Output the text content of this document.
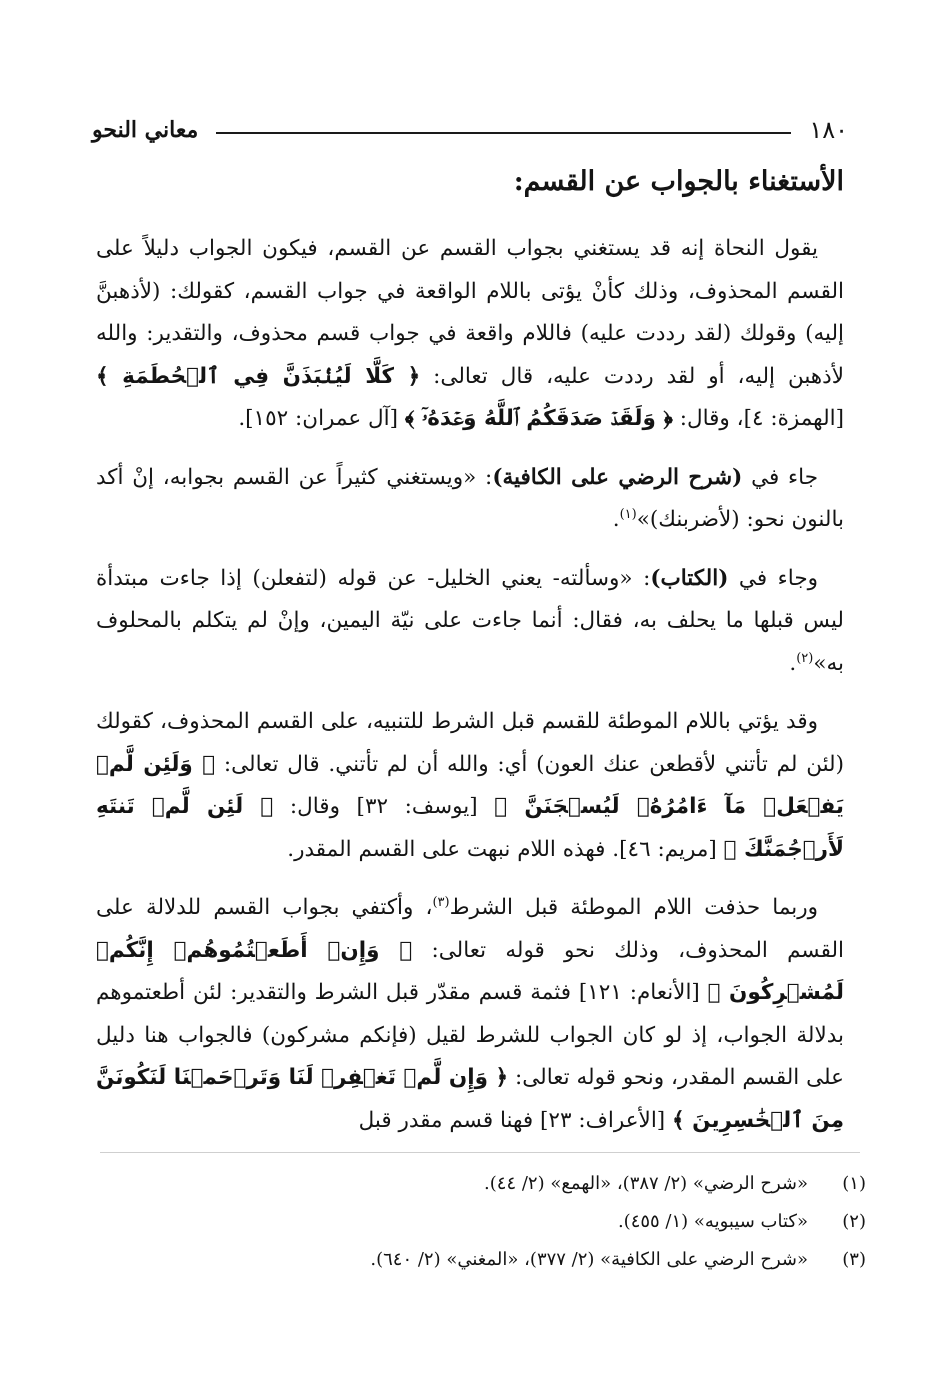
معاني النحو	١٨٠
الأستغناء بالجواب عن القسم:

يقول النحاة إنه قد يستغني بجواب القسم عن القسم، فيكون الجواب دليلاً على القسم المحذوف، وذلك كأنْ يؤتى باللام الواقعة في جواب القسم، كقولك: (لأذهبنَّ إليه) وقولك (لقد رددت عليه) فاللام واقعة في جواب قسم محذوف، والتقدير: والله لأذهبن إليه، أو لقد رددت عليه، قال تعالى: ﴿ كَلَّا لَيُنۢبَذَنَّ فِي ٱلۡحُطَمَةِ ﴾ [الهمزة: ٤]، وقال: ﴿ وَلَقَدۡ صَدَقَكُمُ ٱللَّهُ وَعۡدَهُۥٓ ﴾ [آل عمران: ١٥٢].

جاء في (شرح الرضي على الكافية): «ويستغني كثيراً عن القسم بجوابه، إنْ أكد بالنون نحو: (لأضربنك)»$^{(١)}$.

وجاء في (الكتاب): «وسألته- يعني الخليل- عن قوله (لتفعلن) إذا جاءت مبتدأة ليس قبلها ما يحلف به، فقال: أنما جاءت على نيّة اليمين، وإنْ لم يتكلم بالمحلوف به»$^{(٢)}$.

وقد يؤتي باللام الموطئة للقسم قبل الشرط للتنبيه، على القسم المحذوف، كقولك (لئن لم تأتني لأقطعن عنك العون) أي: والله أن لم تأتني. قال تعالى: ﴿ وَلَئِن لَّمۡ يَفۡعَلۡ مَآ ءَامُرُهُۥ لَيُسۡجَنَنَّ ﴾ [يوسف: ٣٢] وقال: ﴿ لَئِن لَّمۡ تَنتَهِ لَأَرۡجُمَنَّكَ ﴾ [مريم: ٤٦]. فهذه اللام نبهت على القسم المقدر.

وربما حذفت اللام الموطئة قبل الشرط$^{(٣)}$، وأكتفي بجواب القسم للدلالة على القسم المحذوف، وذلك نحو قوله تعالى: ﴿ وَإِنۡ أَطَعۡتُمُوهُمۡ إِنَّكُمۡ لَمُشۡرِكُونَ ﴾ [الأنعام: ١٢١] فثمة قسم مقدّر قبل الشرط والتقدير: لئن أطعتموهم بدلالة الجواب، إذ لو كان الجواب للشرط لقيل (فإنكم مشركون) فالجواب هنا دليل على القسم المقدر، ونحو قوله تعالى: ﴿ وَإِن لَّمۡ تَغۡفِرۡ لَنَا وَتَرۡحَمۡنَا لَنَكُونَنَّ مِنَ ٱلۡخَٰسِرِينَ ﴾ [الأعراف: ٢٣] فهنا قسم مقدر قبل

(١)
«شرح الرضي» (٢/ ٣٨٧)، «الهمع» (٢/ ٤٤).
(٢)
«كتاب سيبويه» (١/ ٤٥٥).
(٣)
«شرح الرضي على الكافية» (٢/ ٣٧٧)، «المغني» (٢/ ٦٤٠).
